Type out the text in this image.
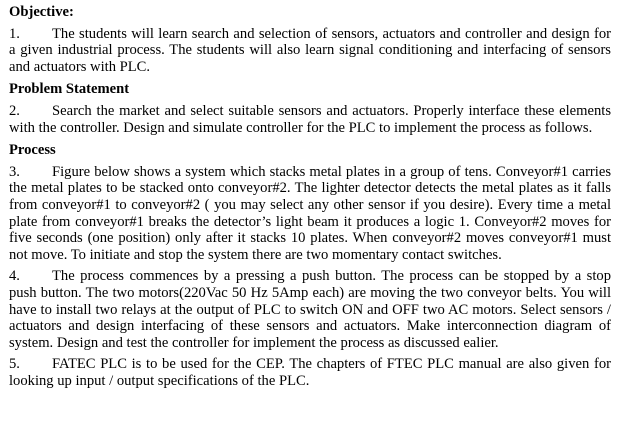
Objective:

1. The students will learn search and selection of sensors, actuators and controller and design for a given industrial process. The students will also learn signal conditioning and interfacing of sensors and actuators with PLC.

Problem Statement

2. Search the market and select suitable sensors and actuators. Properly interface these elements with the controller. Design and simulate controller for the PLC to implement the process as follows.

Process

3. Figure below shows a system which stacks metal plates in a group of tens. Conveyor#1 carries the metal plates to be stacked onto conveyor#2. The lighter detector detects the metal plates as it falls from conveyor#1 to conveyor#2 ( you may select any other sensor if you desire). Every time a metal plate from conveyor#1 breaks the detector’s light beam it produces a logic 1. Conveyor#2 moves for five seconds (one position) only after it stacks 10 plates. When conveyor#2 moves conveyor#1 must not move. To initiate and stop the system there are two momentary contact switches.

4. The process commences by a pressing a push button. The process can be stopped by a stop push button. The two motors(220Vac 50 Hz 5Amp each) are moving the two conveyor belts. You will have to install two relays at the output of PLC to switch ON and OFF two AC motors. Select sensors / actuators and design interfacing of these sensors and actuators. Make interconnection diagram of system. Design and test the controller for implement the process as discussed ealier.

5. FATEC PLC is to be used for the CEP. The chapters of FTEC PLC manual are also given for looking up input / output specifications of the PLC.
